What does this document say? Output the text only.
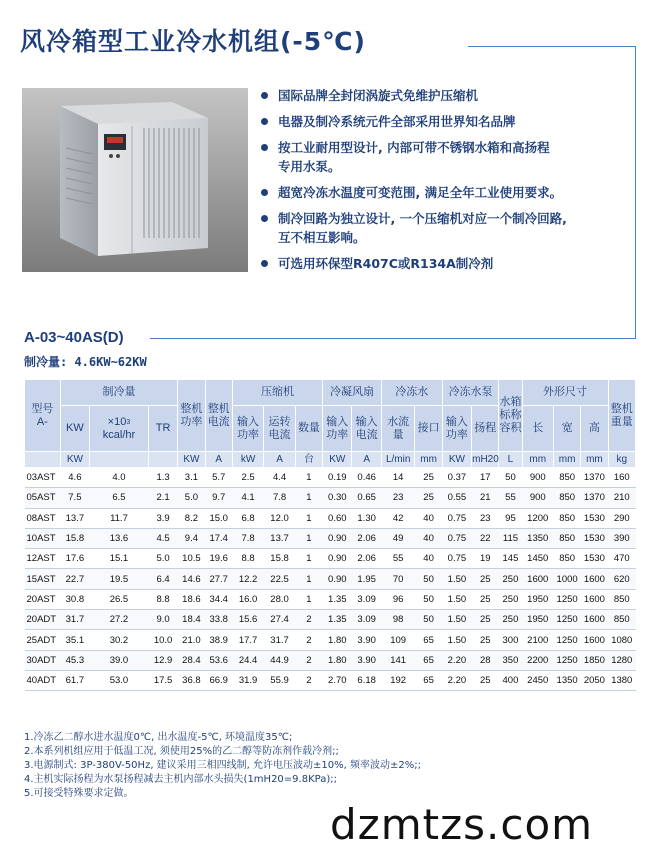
风冷箱型工业冷水机组(-5℃)
国际品牌全封闭涡旋式免维护压缩机
电器及制冷系统元件全部采用世界知名品牌
按工业耐用型设计, 内部可带不锈钢水箱和高扬程
专用水泵。
超宽冷冻水温度可变范围, 满足全年工业使用要求。
制冷回路为独立设计, 一个压缩机对应一个制冷回路,
互不相互影响。
可选用环保型R407C或R134A制冷剂
A-03~40AS(D)
制冷量: 4.6KW~62KW
型号 A-	制冷量			整机功率	整机电流	压缩机			冷凝风扇		冷冻水		冷冻水泵		水箱标称容积	外形尺寸			整机重量
	KW	$\times 10^3$
kcal/hr	TR			输入功率	运转电流	数量	输入功率	输入电流	水流量	接口	输入功率	扬程		长	宽	高	
	KW			KW	A	kW	A	台	KW	A	L/min	mm	KW	mH20	L	mm	mm	mm	kg
03AST	4.6	4.0	1.3	3.1	5.7	2.5	4.4	1	0.19	0.46	14	25	0.37	17	50	900	850	1370	160
05AST	7.5	6.5	2.1	5.0	9.7	4.1	7.8	1	0.30	0.65	23	25	0.55	21	55	900	850	1370	210
08AST	13.7	11.7	3.9	8.2	15.0	6.8	12.0	1	0.60	1.30	42	40	0.75	23	95	1200	850	1530	290
10AST	15.8	13.6	4.5	9.4	17.4	7.8	13.7	1	0.90	2.06	49	40	0.75	22	115	1350	850	1530	390
12AST	17.6	15.1	5.0	10.5	19.6	8.8	15.8	1	0.90	2.06	55	40	0.75	19	145	1450	850	1530	470
15AST	22.7	19.5	6.4	14.6	27.7	12.2	22.5	1	0.90	1.95	70	50	1.50	25	250	1600	1000	1600	620
20AST	30.8	26.5	8.8	18.6	34.4	16.0	28.0	1	1.35	3.09	96	50	1.50	25	250	1950	1250	1600	850
20ADT	31.7	27.2	9.0	18.4	33.8	15.6	27.4	2	1.35	3.09	98	50	1.50	25	250	1950	1250	1600	850
25ADT	35.1	30.2	10.0	21.0	38.9	17.7	31.7	2	1.80	3.90	109	65	1.50	25	300	2100	1250	1600	1080
30ADT	45.3	39.0	12.9	28.4	53.6	24.4	44.9	2	1.80	3.90	141	65	2.20	28	350	2200	1250	1850	1280
40ADT	61.7	53.0	17.5	36.8	66.9	31.9	55.9	2	2.70	6.18	192	65	2.20	25	400	2450	1350	2050	1380
1.冷冻乙二醇水进水温度0℃, 出水温度-5℃, 环境温度35℃;
2.本系列机组应用于低温工况, 须使用25%的乙二醇等防冻剂作载冷剂;;
3.电源制式: 3P-380V-50Hz, 建议采用三相四线制, 允许电压波动±10%, 频率波动±2%;;
4.主机实际扬程为水泵扬程减去主机内部水头损失(1mH20=9.8KPa);;
5.可接受特殊要求定做。
dzmtzs.com
